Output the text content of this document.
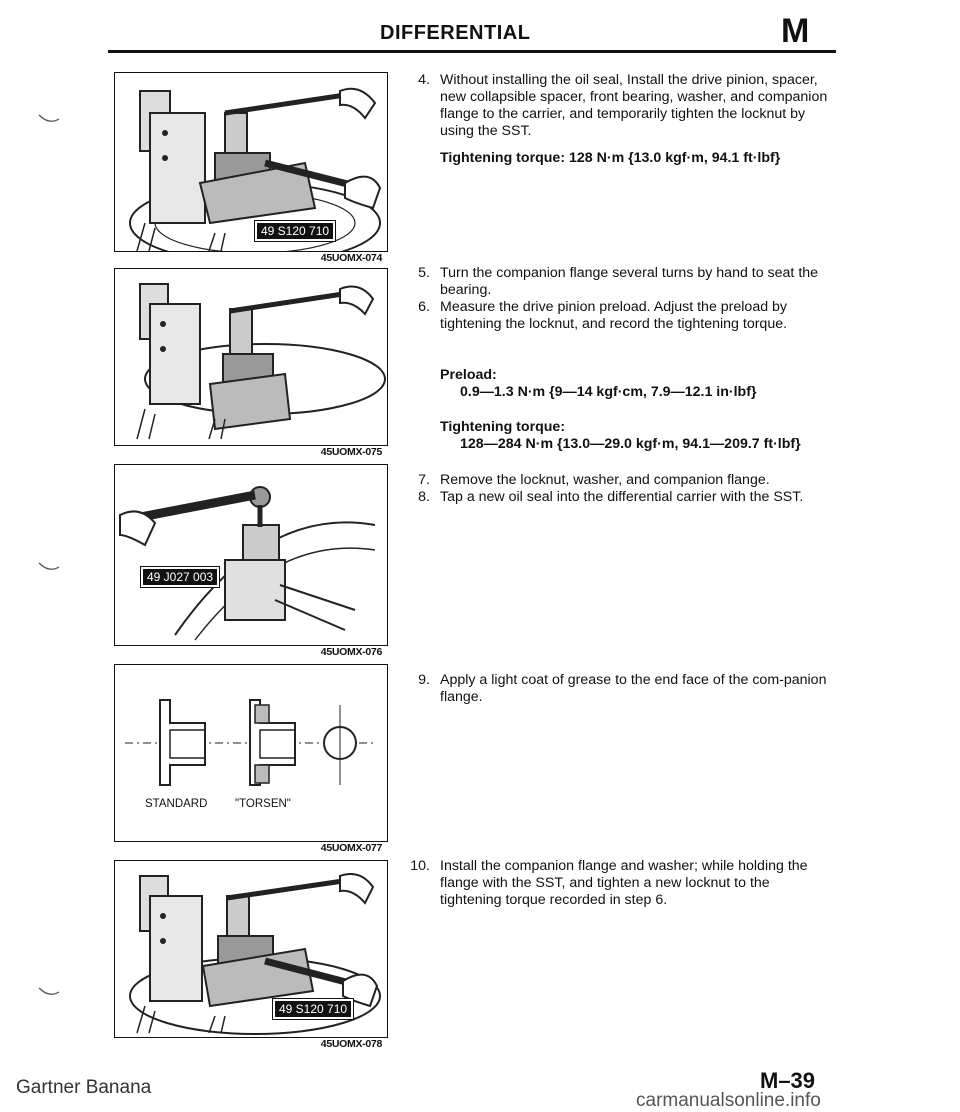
DIFFERENTIAL	M
49 S120 710
45UOMX-074
45UOMX-075
49 J027 003
45UOMX-076
STANDARD "TORSEN"
45UOMX-077
49 S120 710
45UOMX-078
4. Without installing the oil seal, Install the drive pinion, spacer, new collapsible spacer, front bearing, washer, and companion flange to the carrier, and temporarily tighten the locknut by using the SST.
Tightening torque: 128 N·m {13.0 kgf·m, 94.1 ft·lbf}
5. Turn the companion flange several turns by hand to seat the bearing.
6. Measure the drive pinion preload. Adjust the preload by tightening the locknut, and record the tightening torque.
Preload:
0.9—1.3 N·m {9—14 kgf·cm, 7.9—12.1 in·lbf}
Tightening torque:
128—284 N·m {13.0—29.0 kgf·m, 94.1—209.7 ft·lbf}
7. Remove the locknut, washer, and companion flange.
8. Tap a new oil seal into the differential carrier with the SST.
9. Apply a light coat of grease to the end face of the com-panion flange.
10. Install the companion flange and washer; while holding the flange with the SST, and tighten a new locknut to the tightening torque recorded in step 6.
Gartner Banana	M–39
carmanualsonline.info
